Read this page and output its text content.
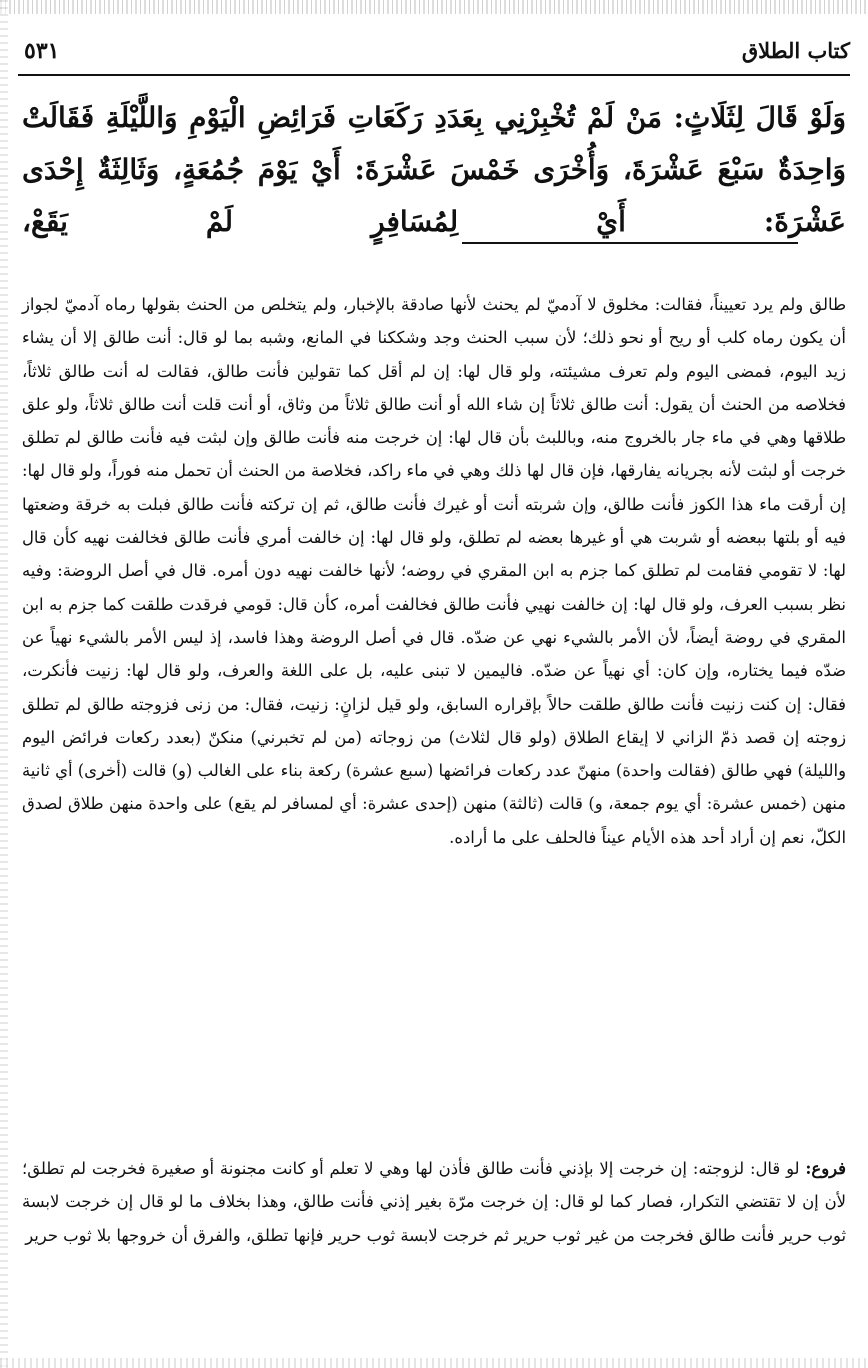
٥٣١	كتاب الطلاق
وَلَوْ قَالَ لِثَلَاثٍ: مَنْ لَمْ تُخْبِرْنِي بِعَدَدِ رَكَعَاتِ فَرَائِضِ الْيَوْمِ وَاللَّيْلَةِ فَقَالَتْ وَاحِدَةٌ سَبْعَ عَشْرَةَ، وَأُخْرَى خَمْسَ عَشْرَةَ: أَيْ يَوْمَ جُمُعَةٍ، وَثَالِثَةٌ إِحْدَى عَشْرَةَ: أَيْ لِمُسَافِرٍ لَمْ يَقَعْ،

طالق ولم يرد تعييناً، فقالت: مخلوق لا آدميّ لم يحنث لأنها صادقة بالإخبار، ولم يتخلص من الحنث بقولها رماه آدميّ لجواز أن يكون رماه كلب أو ريح أو نحو ذلك؛ لأن سبب الحنث وجد وشككنا في المانع، وشبه بما لو قال: أنت طالق إلا أن يشاء زيد اليوم، فمضى اليوم ولم تعرف مشيئته، ولو قال لها: إن لم أقل كما تقولين فأنت طالق، فقالت له أنت طالق ثلاثاً، فخلاصه من الحنث أن يقول: أنت طالق ثلاثاً إن شاء الله أو أنت طالق ثلاثاً من وثاق، أو أنت قلت أنت طالق ثلاثاً، ولو علق طلاقها وهي في ماء جار بالخروج منه، وباللبث بأن قال لها: إن خرجت منه فأنت طالق وإن لبثت فيه فأنت طالق لم تطلق خرجت أو لبثت لأنه بجريانه يفارقها، فإن قال لها ذلك وهي في ماء راكد، فخلاصة من الحنث أن تحمل منه فوراً، ولو قال لها: إن أرقت ماء هذا الكوز فأنت طالق، وإن شربته أنت أو غيرك فأنت طالق، ثم إن تركته فأنت طالق فبلت به خرقة وضعتها فيه أو بلتها ببعضه أو شربت هي أو غيرها بعضه لم تطلق، ولو قال لها: إن خالفت أمري فأنت طالق فخالفت نهيه كأن قال لها: لا تقومي فقامت لم تطلق كما جزم به ابن المقري في روضه؛ لأنها خالفت نهيه دون أمره. قال في أصل الروضة: وفيه نظر بسبب العرف، ولو قال لها: إن خالفت نهيي فأنت طالق فخالفت أمره، كأن قال: قومي فرقدت طلقت كما جزم به ابن المقري في روضة أيضاً، لأن الأمر بالشيء نهي عن ضدّه. قال في أصل الروضة وهذا فاسد، إذ ليس الأمر بالشيء نهياً عن ضدّه فيما يختاره، وإن كان: أي نهياً عن ضدّه. فاليمين لا تبنى عليه، بل على اللغة والعرف، ولو قال لها: زنيت فأنكرت، فقال: إن كنت زنيت فأنت طالق طلقت حالاً بإقراره السابق، ولو قيل لزانٍ: زنيت، فقال: من زنى فزوجته طالق لم تطلق زوجته إن قصد ذمّ الزاني لا إيقاع الطلاق (ولو قال لثلاث) من زوجاته (من لم تخبرني) منكنّ (بعدد ركعات فرائض اليوم والليلة) فهي طالق (فقالت واحدة) منهنّ عدد ركعات فرائضها (سبع عشرة) ركعة بناء على الغالب (و) قالت (أخرى) أي ثانية منهن (خمس عشرة: أي يوم جمعة، و) قالت (ثالثة) منهن (إحدى عشرة: أي لمسافر لم يقع) على واحدة منهن طلاق لصدق الكلّ، نعم إن أراد أحد هذه الأيام عيناً فالحلف على ما أراده.

فروع: لو قال: لزوجته: إن خرجت إلا بإذني فأنت طالق فأذن لها وهي لا تعلم أو كانت مجنونة أو صغيرة فخرجت لم تطلق؛ لأن إن لا تقتضي التكرار، فصار كما لو قال: إن خرجت مرّة بغير إذني فأنت طالق، وهذا بخلاف ما لو قال إن خرجت لابسة ثوب حرير فأنت طالق فخرجت من غير ثوب حرير ثم خرجت لابسة ثوب حرير فإنها تطلق، والفرق أن خروجها بلا ثوب حرير
